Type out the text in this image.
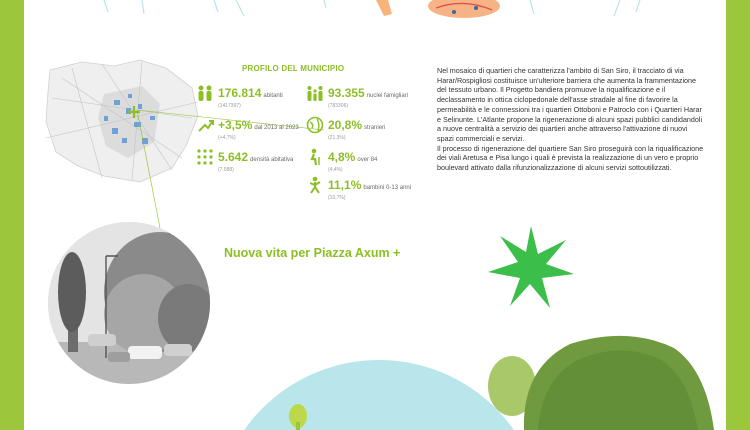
PROFILO DEL MUNICIPIO
176.814 abitanti
(1417397)
93.355 nuclei famigliari
(783306)
+3,5% dal 2013 al 2023
(+4,7%)
20,8% stranieri
(21,3%)
5.642 densità abitativa
(7.588)
4,8% over 84
(4,4%)
11,1% bambini 0-13 anni
(10,7%)

Nel mosaico di quartieri che caratterizza l'ambito di San Siro, il tracciato di via Harar/Rospigliosi costituisce un'ulteriore barriera che aumenta la frammentazione del tessuto urbano. Il Progetto bandiera promuove la riqualificazione e il declassamento in ottica ciclopedonale dell'asse stradale al fine di favorire la permeabilità e le connessioni tra i quartieri Ottoboni e Patroclo con i Quartieri Harar e Selinunte. L'Atlante propone la rigenerazione di alcuni spazi pubblici candidandoli a nuove centralità a servizio dei quartieri anche attraverso l'attivazione di nuovi spazi commerciali e servizi.
Il processo di rigenerazione del quartiere San Siro proseguirà con la riqualificazione dei viali Aretusa e Pisa lungo i quali è prevista la realizzazione di un vero e proprio boulevard attivato dalla rifunzionalizzazione di alcuni servizi sottoutilizzati.

Nuova vita per Piazza Axum +
